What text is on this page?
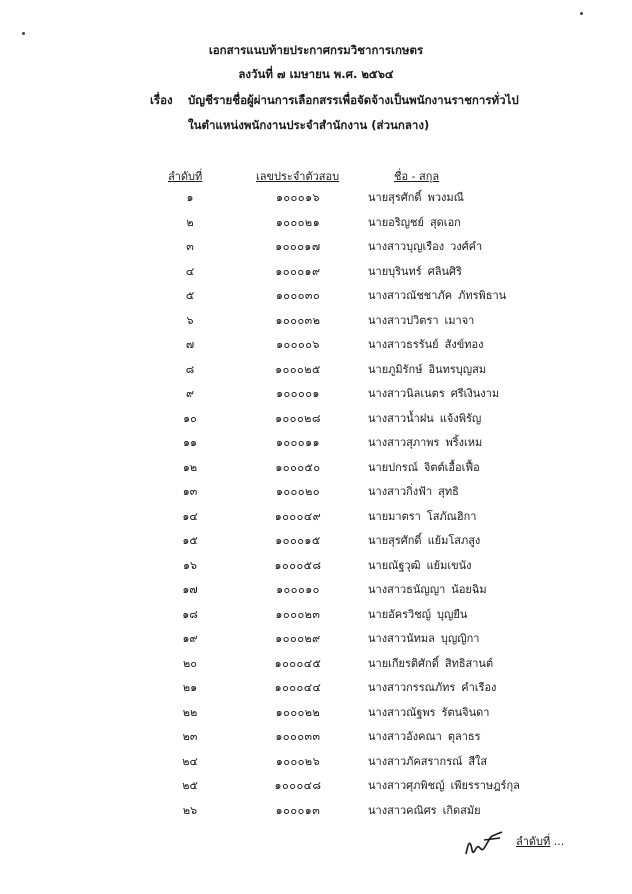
เอกสารแนบท้ายประกาศกรมวิชาการเกษตร
ลงวันที่ ๗ เมษายน พ.ศ. ๒๕๖๔
เรื่อง บัญชีรายชื่อผู้ผ่านการเลือกสรรเพื่อจัดจ้างเป็นพนักงานราชการทั่วไป
ในตำแหน่งพนักงานประจำสำนักงาน (ส่วนกลาง)
ลำดับที่	เลขประจำตัวสอบ	ชื่อ - สกุล
๑	๑๐๐๐๑๖	นายสุรศักดิ์ พวงมณี
๒	๑๐๐๐๒๑	นายอริญชย์ สุดเอก
๓	๑๐๐๐๑๗	นางสาวบุญเรือง วงศ์คำ
๔	๑๐๐๐๑๙	นายบุรินทร์ ศลินศิริ
๕	๑๐๐๐๓๐	นางสาวณัชชาภัค ภัทรพิธาน
๖	๑๐๐๐๓๒	นางสาวปวิตรา เมาจา
๗	๑๐๐๐๐๖	นางสาวธรรันย์ สังข์ทอง
๘	๑๐๐๐๒๕	นายภูมิรักษ์ อินทรบุญสม
๙	๑๐๐๐๐๑	นางสาวนิลเนตร ศรีเงินงาม
๑๐	๑๐๐๐๒๘	นางสาวน้ำฝน แจ้งพิรัญ
๑๑	๑๐๐๐๑๑	นางสาวสุภาพร พริ้งเหม
๑๒	๑๐๐๐๕๐	นายปกรณ์ จิตต์เอื้อเฟื้อ
๑๓	๑๐๐๐๒๐	นางสาวกิ่งฟ้า สุทธิ
๑๔	๑๐๐๐๔๙	นายมาตรา โสภัณฮิกา
๑๕	๑๐๐๐๑๕	นายสุรศักดิ์ แย้มโสภสูง
๑๖	๑๐๐๐๕๘	นายณัฐวุฒิ แย้มเขนัง
๑๗	๑๐๐๐๑๐	นางสาวธนัญญา น้อยฉิม
๑๘	๑๐๐๐๒๓	นายอัครวิชญ์ บุญยืน
๑๙	๑๐๐๐๒๙	นางสาวนัทมล บุญญิกา
๒๐	๑๐๐๐๔๕	นายเกียรติศักดิ์ สิทธิสานต์
๒๑	๑๐๐๐๔๔	นางสาวกรรณภัทร คำเรือง
๒๒	๑๐๐๐๒๒	นางสาวณัฐพร รัตนจินดา
๒๓	๑๐๐๐๓๓	นางสาวอังคณา ตุลาธร
๒๔	๑๐๐๐๒๖	นางสาวภัคสรากรณ์ สีใส
๒๕	๑๐๐๐๔๘	นางสาวศุภพิชญ์ เพียรราษฎร์กุล
๒๖	๑๐๐๐๑๓	นางสาวคณิศร เกิดสมัย
ลำดับที่ ...
